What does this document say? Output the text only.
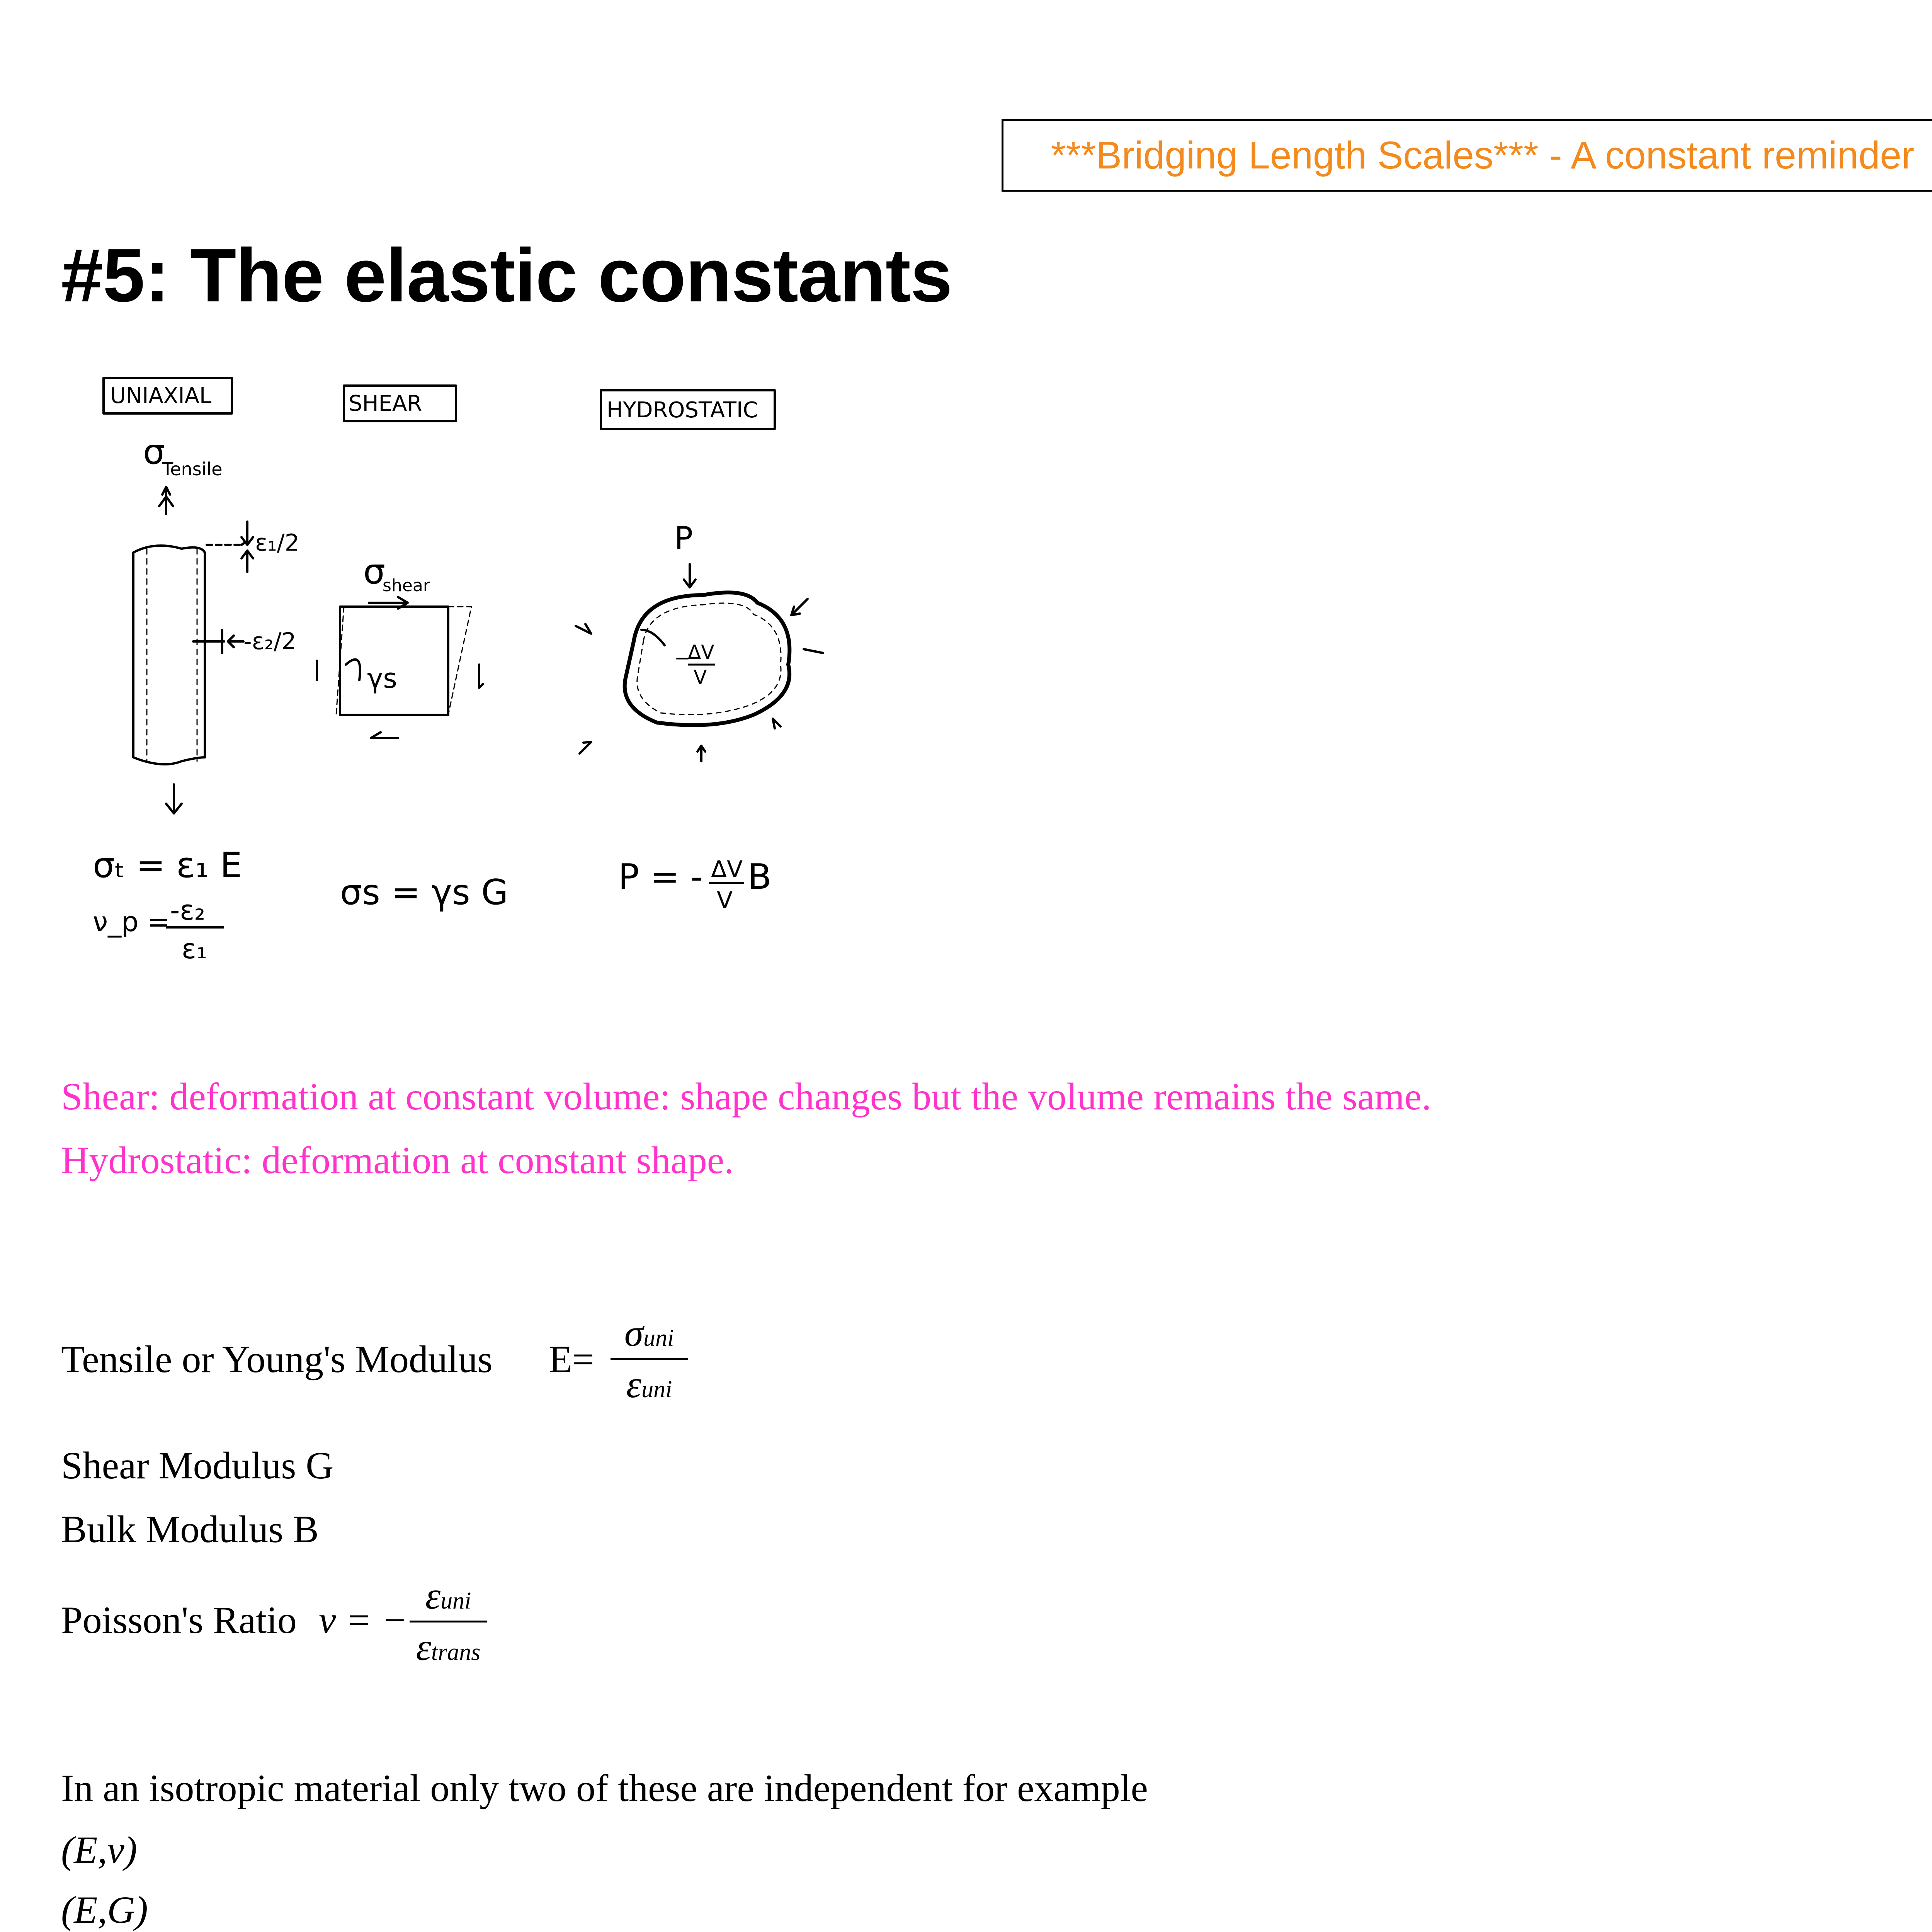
***Bridging Length Scales*** - A constant reminder
#5: The elastic constants
UNIAXIAL	SHEAR	HYDROSTATIC
σ
Tensile
ε₁/2
-ε₂/2
σₜ = ε₁ E
ν_p = -ε₂
ε₁
σ
shear
γs
σs = γs G
P
−
ΔV
V
P = - ΔV
V
B
Shear: deformation at constant volume: shape changes but the volume remains the same.
Hydrostatic: deformation at constant shape.
Tensile or Young's Modulus E=
σuni
εuni
Shear Modulus G
Bulk Modulus B
Poisson's Ratio ν = −
εuni
εtrans
In an isotropic material only two of these are independent for example
(E,ν)
(E,G)
